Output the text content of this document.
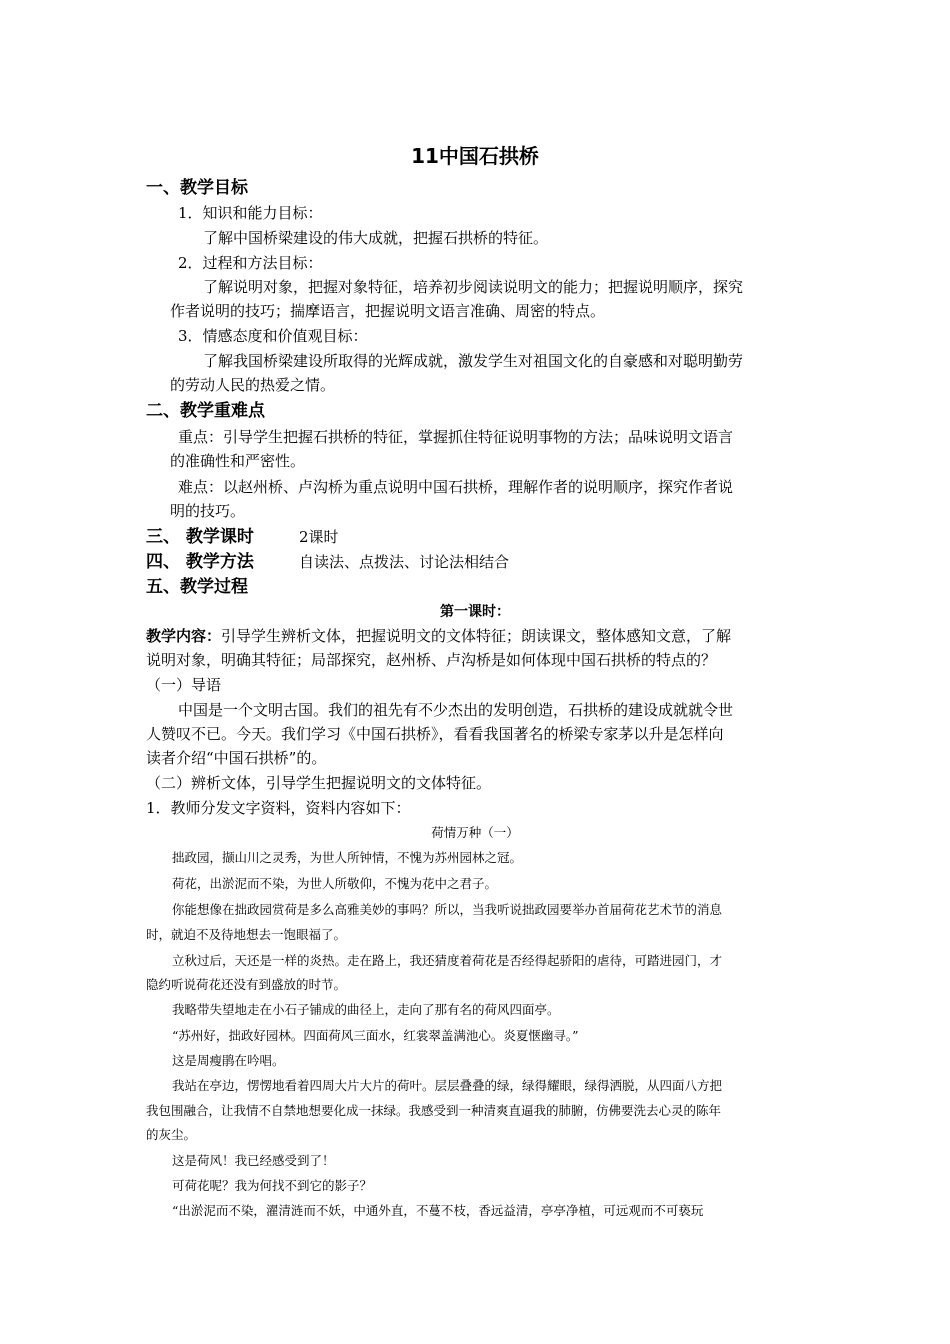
11中国石拱桥
一、教学目标
1．知识和能力目标：
了解中国桥梁建设的伟大成就，把握石拱桥的特征。
2．过程和方法目标：
了解说明对象，把握对象特征，培养初步阅读说明文的能力；把握说明顺序，探究
作者说明的技巧；揣摩语言，把握说明文语言准确、周密的特点。
3．情感态度和价值观目标：
了解我国桥梁建设所取得的光辉成就，激发学生对祖国文化的自豪感和对聪明勤劳
的劳动人民的热爱之情。
二、教学重难点
重点：引导学生把握石拱桥的特征，掌握抓住特征说明事物的方法；品味说明文语言
的准确性和严密性。
难点：以赵州桥、卢沟桥为重点说明中国石拱桥，理解作者的说明顺序，探究作者说
明的技巧。
三、 教学课时	2课时
四、 教学方法	自读法、点拨法、讨论法相结合
五、教学过程
第一课时：
教学内容：引导学生辨析文体，把握说明文的文体特征；朗读课文，整体感知文意，了解
说明对象，明确其特征；局部探究，赵州桥、卢沟桥是如何体现中国石拱桥的特点的？
（一）导语
中国是一个文明古国。我们的祖先有不少杰出的发明创造，石拱桥的建设成就就令世
人赞叹不已。今天。我们学习《中国石拱桥》，看看我国著名的桥梁专家茅以升是怎样向
读者介绍“中国石拱桥”的。
（二）辨析文体，引导学生把握说明文的文体特征。
1．教师分发文字资料，资料内容如下：
荷情万种（一）
拙政园，撷山川之灵秀，为世人所钟情，不愧为苏州园林之冠。
荷花，出淤泥而不染，为世人所敬仰，不愧为花中之君子。
你能想像在拙政园赏荷是多么高雅美妙的事吗？所以，当我听说拙政园要举办首届荷花艺术节的消息
时，就迫不及待地想去一饱眼福了。
立秋过后，天还是一样的炎热。走在路上，我还猜度着荷花是否经得起骄阳的虐待，可踏进园门，才
隐约听说荷花还没有到盛放的时节。
我略带失望地走在小石子铺成的曲径上，走向了那有名的荷风四面亭。
“苏州好，拙政好园林。四面荷风三面水，红裳翠盖满池心。炎夏惬幽寻。”
这是周瘦鹃在吟唱。
我站在亭边，愣愣地看着四周大片大片的荷叶。层层叠叠的绿，绿得耀眼，绿得洒脱，从四面八方把
我包围融合，让我情不自禁地想要化成一抹绿。我感受到一种清爽直逼我的肺腑，仿佛要洗去心灵的陈年
的灰尘。
这是荷风！我已经感受到了！
可荷花呢？我为何找不到它的影子？
“出淤泥而不染，濯清涟而不妖，中通外直，不蔓不枝，香远益清，亭亭净植，可远观而不可亵玩
